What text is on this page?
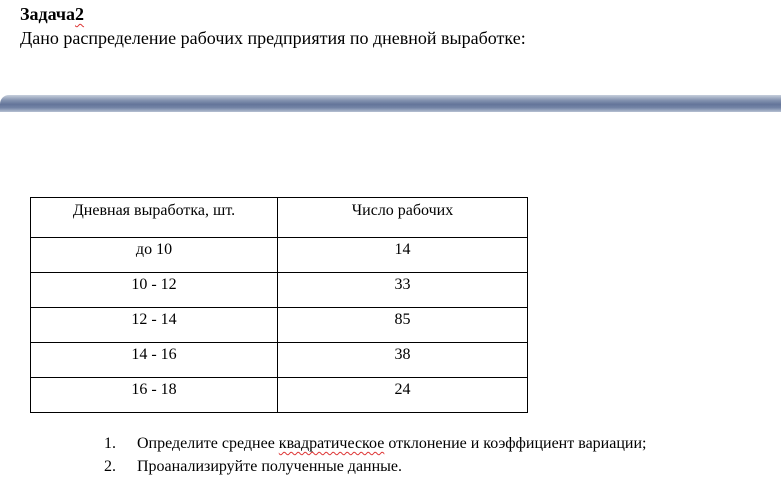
Задача2
Дано распределение рабочих предприятия по дневной выработке:
Дневная выработка, шт.	Число рабочих
до 10	14
10 - 12	33
12 - 14	85
14 - 16	38
16 - 18	24
1. Определите среднее квадратическое отклонение и коэффициент вариации;
2. Проанализируйте полученные данные.
